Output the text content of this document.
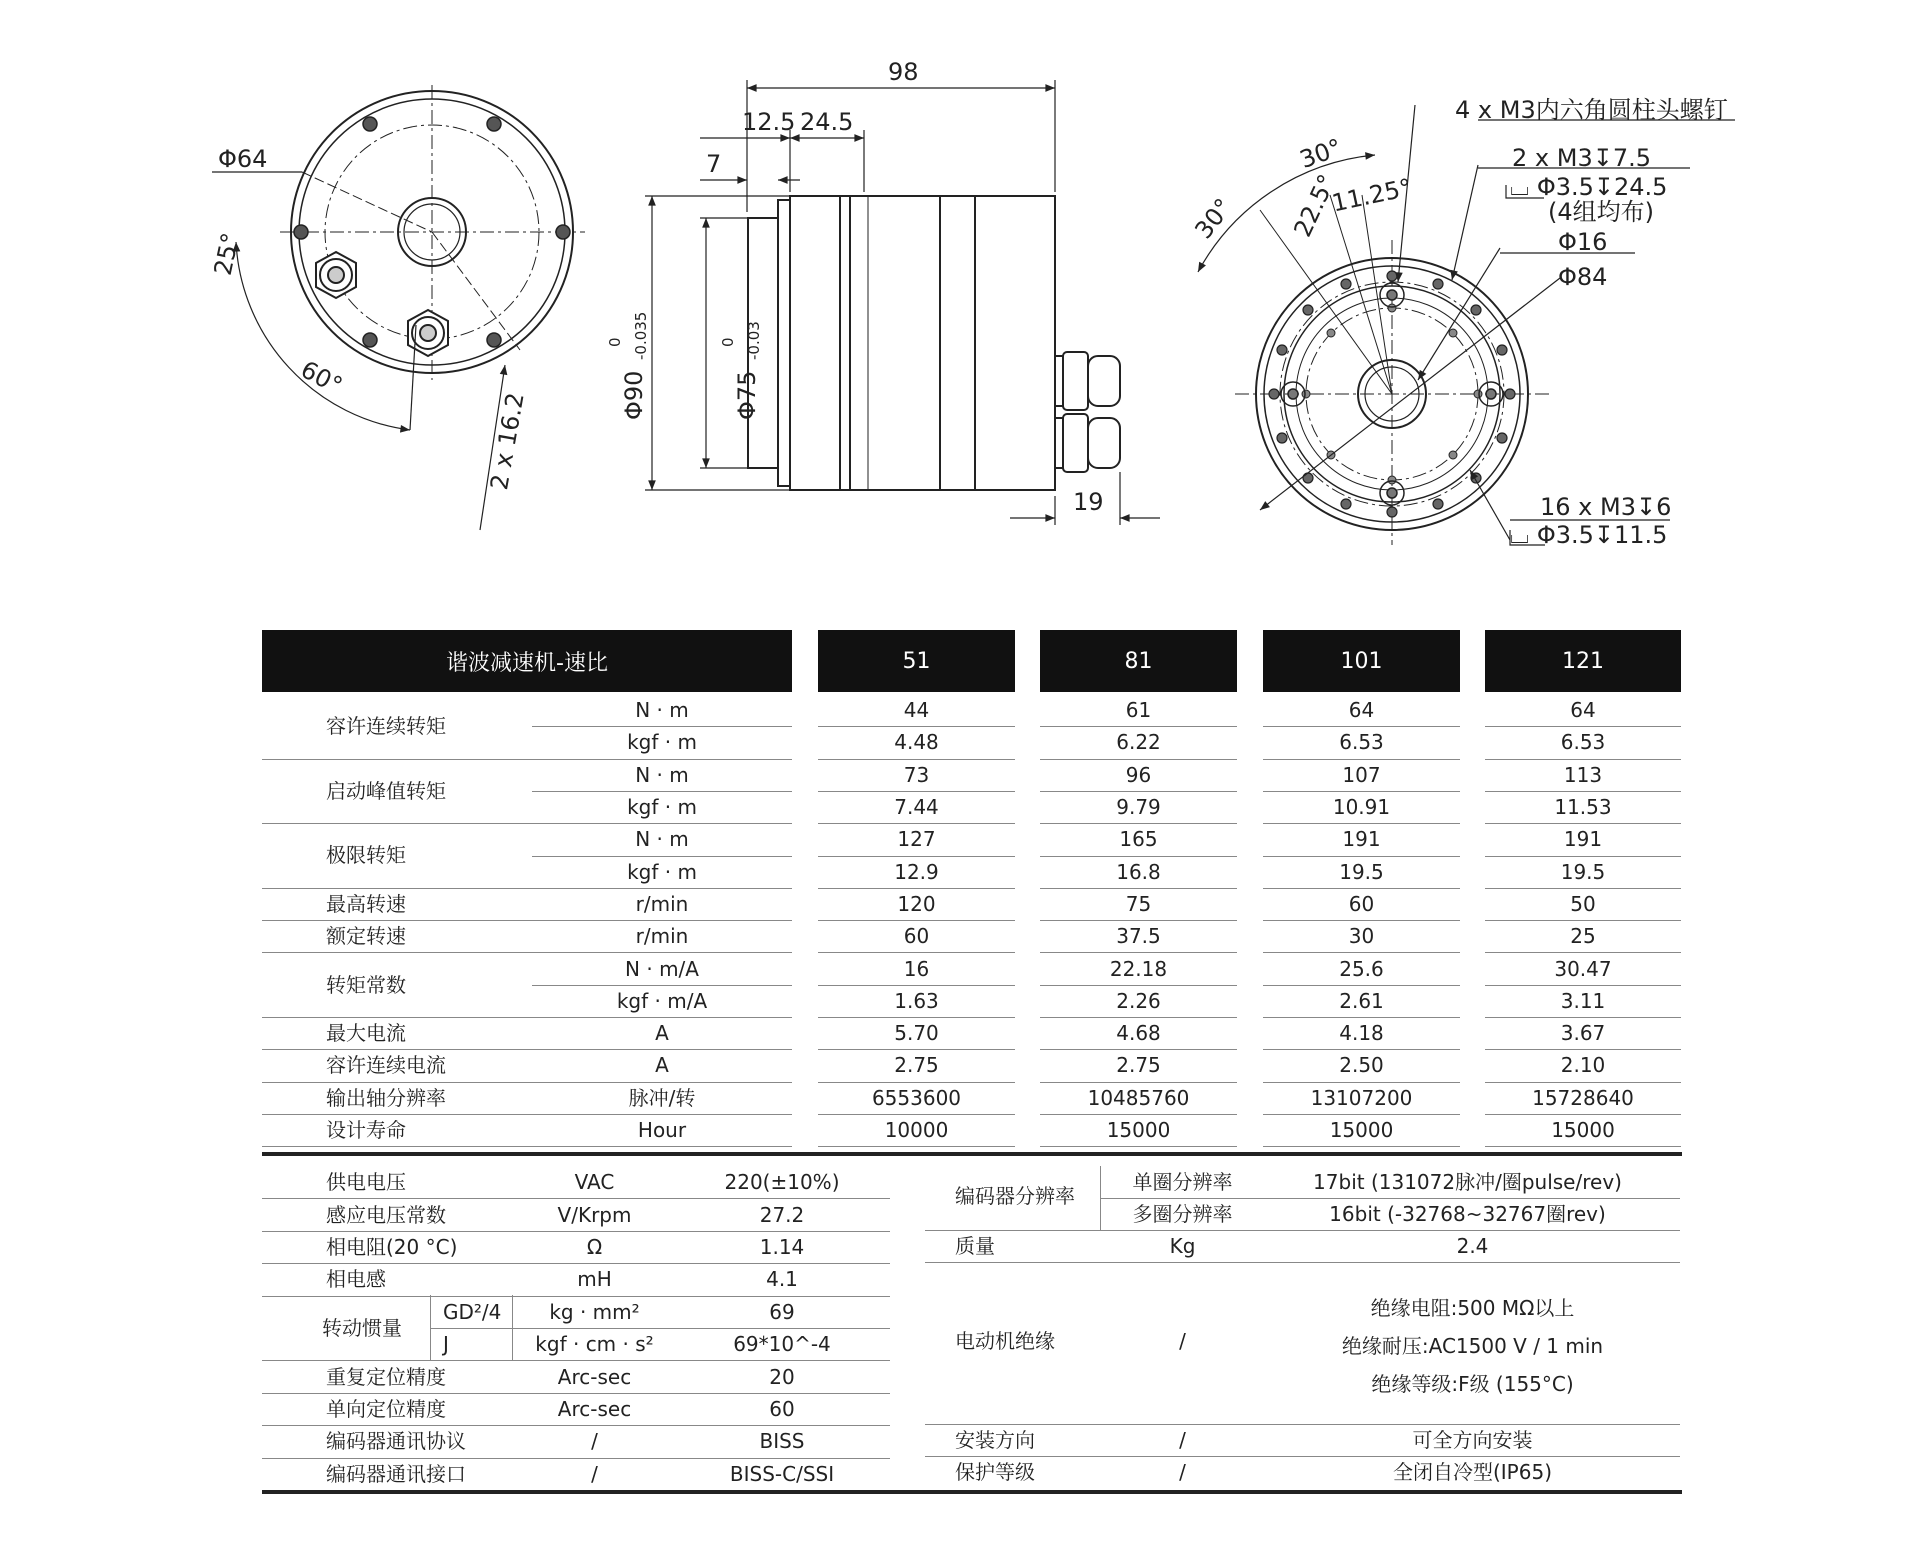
Φ64
25°
60°
2 x 16.2
98
12.5 24.5
7
19
Φ90
0 -0.035
Φ75
0 -0.03
4 x M3内六角圆柱头螺钉
30°
30° 22.5°
11.25°
2 x M3↧7.5
⌴ Φ3.5↧24.5
(4组均布)
Φ16
Φ84
16 x M3↧6
⌴ Φ3.5↧11.5
谐波减速机-速比	51	81	101	121
容许连续转矩
N · m	44	61	64	64
kgf · m	4.48	6.22	6.53	6.53
启动峰值转矩
N · m	73	96	107	113
kgf · m	7.44	9.79	10.91	11.53
极限转矩
N · m	127	165	191	191
kgf · m	12.9	16.8	19.5	19.5
最高转速	r/min	120	75	60	50
额定转速	r/min	60	37.5	30	25
转矩常数
N · m/A	16	22.18	25.6	30.47
kgf · m/A	1.63	2.26	2.61	3.11
最大电流	A	5.70	4.68	4.18	3.67
容许连续电流	A	2.75	2.75	2.50	2.10
输出轴分辨率	脉冲/转	6553600	10485760	13107200	15728640
设计寿命	Hour	10000	15000	15000	15000
供电电压	VAC	220(±10%)
感应电压常数	V/Krpm	27.2
相电阻(20 °C)	Ω	1.14
相电感	mH	4.1
转动惯量
GD²/4	kg · mm²	69
J	kgf · cm · s²	69*10^-4
重复定位精度	Arc-sec	20
单向定位精度	Arc-sec	60
编码器通讯协议	/	BISS
编码器通讯接口	/	BISS-C/SSI
编码器分辨率
单圈分辨率	17bit (131072脉冲/圈pulse/rev)
多圈分辨率	16bit (-32768~32767圈rev)
质量	Kg	2.4
电动机绝缘	/
绝缘电阻:500 MΩ以上
绝缘耐压:AC1500 V / 1 min
绝缘等级:F级 (155°C)
安装方向	/	可全方向安装
保护等级	/	全闭自冷型(IP65)
